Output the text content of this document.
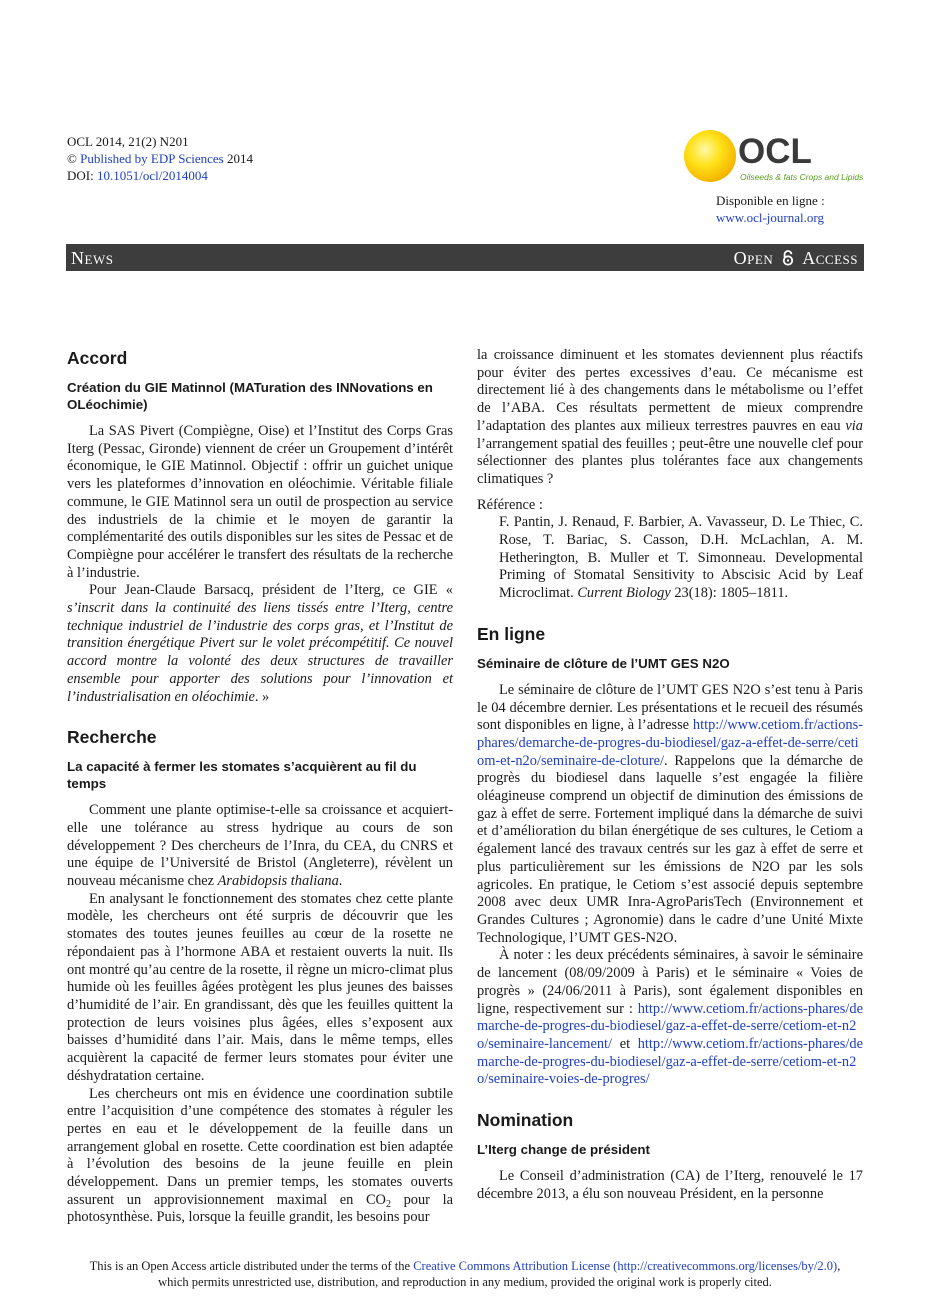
OCL 2014, 21(2) N201
© Published by EDP Sciences 2014
DOI: 10.1051/ocl/2014004
OCL
Oilseeds & fats Crops and Lipids
Disponible en ligne :
www.ocl-journal.org
News	Open Access
Accord
Création du GIE Matinnol (MATuration des INNovations en OLéochimie)

La SAS Pivert (Compiègne, Oise) et l’Institut des Corps Gras Iterg (Pessac, Gironde) viennent de créer un Groupement d’intérêt économique, le GIE Matinnol. Objectif : offrir un guichet unique vers les plateformes d’innovation en oléochimie. Véritable filiale commune, le GIE Matinnol sera un outil de prospection au service des industriels de la chimie et le moyen de garantir la complémentarité des outils disponibles sur les sites de Pessac et de Compiègne pour accélérer le transfert des résultats de la recherche à l’industrie.

Pour Jean-Claude Barsacq, président de l’Iterg, ce GIE « s’inscrit dans la continuité des liens tissés entre l’Iterg, centre technique industriel de l’industrie des corps gras, et l’Institut de transition énergétique Pivert sur le volet précompétitif. Ce nouvel accord montre la volonté des deux structures de travailler ensemble pour apporter des solutions pour l’innovation et l’industrialisation en oléochimie. »

Recherche
La capacité à fermer les stomates s’acquièrent au fil du temps

Comment une plante optimise-t-elle sa croissance et acquiert-elle une tolérance au stress hydrique au cours de son développement ? Des chercheurs de l’Inra, du CEA, du CNRS et une équipe de l’Université de Bristol (Angleterre), révèlent un nouveau mécanisme chez Arabidopsis thaliana.

En analysant le fonctionnement des stomates chez cette plante modèle, les chercheurs ont été surpris de découvrir que les stomates des toutes jeunes feuilles au cœur de la rosette ne répondaient pas à l’hormone ABA et restaient ouverts la nuit. Ils ont montré qu’au centre de la rosette, il règne un micro-climat plus humide où les feuilles âgées protègent les plus jeunes des baisses d’humidité de l’air. En grandissant, dès que les feuilles quittent la protection de leurs voisines plus âgées, elles s’exposent aux baisses d’humidité dans l’air. Mais, dans le même temps, elles acquièrent la capacité de fermer leurs stomates pour éviter une déshydratation certaine.

Les chercheurs ont mis en évidence une coordination subtile entre l’acquisition d’une compétence des stomates à réguler les pertes en eau et le développement de la feuille dans un arrangement global en rosette. Cette coordination est bien adaptée à l’évolution des besoins de la jeune feuille en plein développement. Dans un premier temps, les stomates ouverts assurent un approvisionnement maximal en $CO_2$ pour la photosynthèse. Puis, lorsque la feuille grandit, les besoins pour

la croissance diminuent et les stomates deviennent plus réactifs pour éviter des pertes excessives d’eau. Ce mécanisme est directement lié à des changements dans le métabolisme ou l’effet de l’ABA. Ces résultats permettent de mieux comprendre l’adaptation des plantes aux milieux terrestres pauvres en eau via l’arrangement spatial des feuilles ; peut-être une nouvelle clef pour sélectionner des plantes plus tolérantes face aux changements climatiques ?

Référence :

F. Pantin, J. Renaud, F. Barbier, A. Vavasseur, D. Le Thiec, C. Rose, T. Bariac, S. Casson, D.H. McLachlan, A. M. Hetherington, B. Muller et T. Simonneau. Developmental Priming of Stomatal Sensitivity to Abscisic Acid by Leaf Microclimat. Current Biology 23(18): 1805–1811.

En ligne
Séminaire de clôture de l’UMT GES N2O

Le séminaire de clôture de l’UMT GES N2O s’est tenu à Paris le 04 décembre dernier. Les présentations et le recueil des résumés sont disponibles en ligne, à l’adresse http://www.cetiom.fr/actions-phares/demarche-de-progres-du-biodiesel/gaz-a-effet-de-serre/cetiom-et-n2o/seminaire-de-cloture/. Rappelons que la démarche de progrès du biodiesel dans laquelle s’est engagée la filière oléagineuse comprend un objectif de diminution des émissions de gaz à effet de serre. Fortement impliqué dans la démarche de suivi et d’amélioration du bilan énergétique de ses cultures, le Cetiom a également lancé des travaux centrés sur les gaz à effet de serre et plus particulièrement sur les émissions de N2O par les sols agricoles. En pratique, le Cetiom s’est associé depuis septembre 2008 avec deux UMR Inra-AgroParisTech (Environnement et Grandes Cultures ; Agronomie) dans le cadre d’une Unité Mixte Technologique, l’UMT GES-N2O.

À noter : les deux précédents séminaires, à savoir le séminaire de lancement (08/09/2009 à Paris) et le séminaire « Voies de progrès » (24/06/2011 à Paris), sont également disponibles en ligne, respectivement sur : http://www.cetiom.fr/actions-phares/demarche-de-progres-du-biodiesel/gaz-a-effet-de-serre/cetiom-et-n2o/seminaire-lancement/ et http://www.cetiom.fr/actions-phares/demarche-de-progres-du-biodiesel/gaz-a-effet-de-serre/cetiom-et-n2o/seminaire-voies-de-progres/

Nomination
L’Iterg change de président

Le Conseil d’administration (CA) de l’Iterg, renouvelé le 17 décembre 2013, a élu son nouveau Président, en la personne

This is an Open Access article distributed under the terms of the Creative Commons Attribution License (http://creativecommons.org/licenses/by/2.0),
which permits unrestricted use, distribution, and reproduction in any medium, provided the original work is properly cited.
